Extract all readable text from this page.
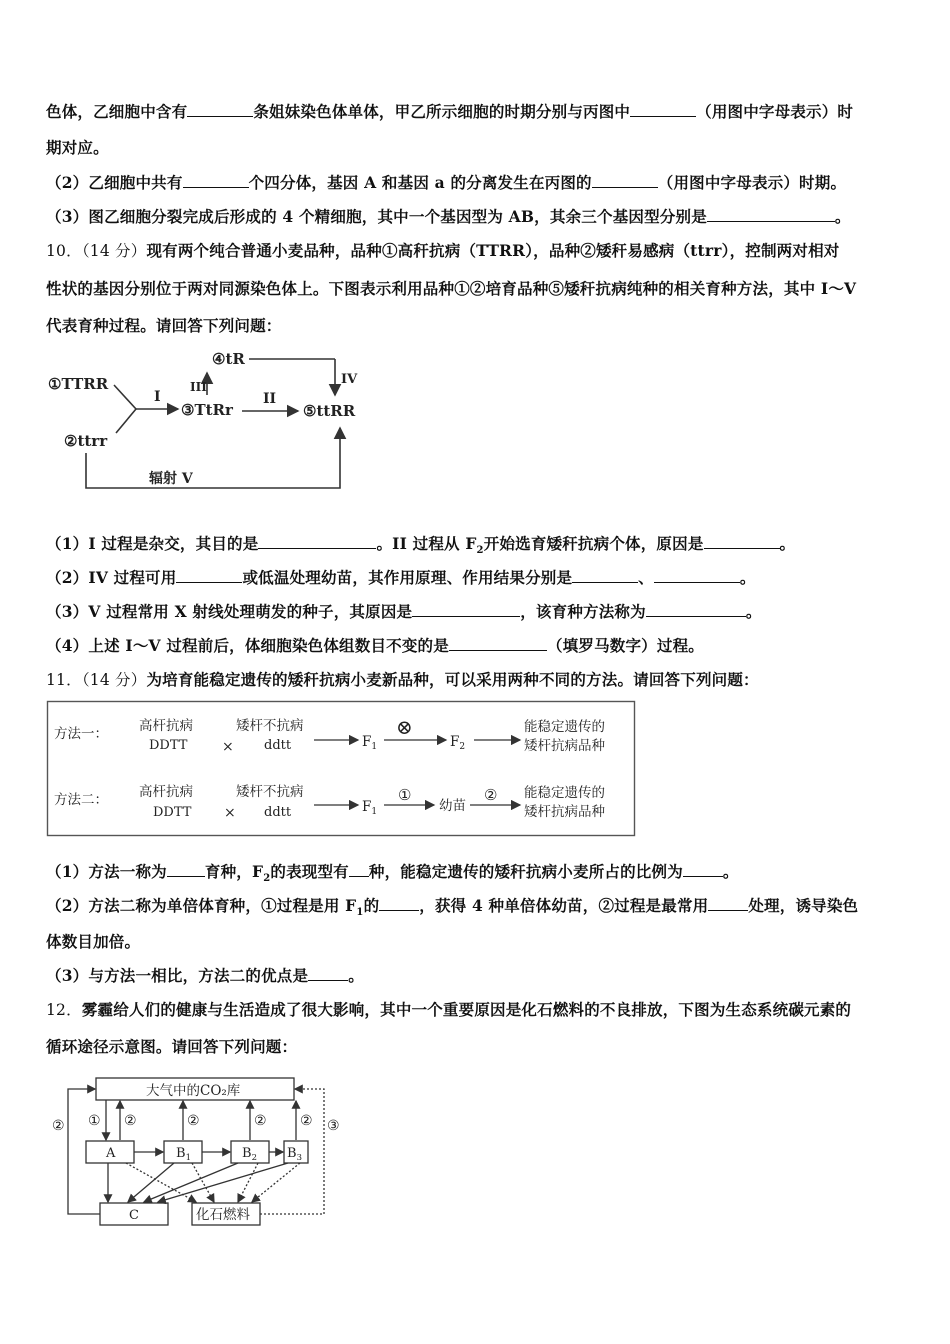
色体，乙细胞中含有	条姐妹染色体单体，甲乙所示细胞的时期分别与丙图中	（用图中字母表示）时
期对应。
（2）乙细胞中共有	个四分体，基因 A 和基因 a 的分离发生在丙图的	（用图中字母表示）时期。
（3）图乙细胞分裂完成后形成的 4 个精细胞，其中一个基因型为 AB，其余三个基因型分别是	。
10．（14 分）现有两个纯合普通小麦品种，品种①高秆抗病（TTRR），品种②矮秆易感病（ttrr），控制两对相对
性状的基因分别位于两对同源染色体上。下图表示利用品种①②培育品种⑤矮秆抗病纯种的相关育种方法，其中 I～V
代表育种过程。请回答下列问题：
①TTRR
②ttrr
I
③TtRr
III
④tR
IV
II
⑤ttRR
辐射 V
（1）I 过程是杂交，其目的是	。II 过程从 $F_2$开始选育矮秆抗病个体，原因是	。
（2）IV 过程可用	或低温处理幼苗，其作用原理、作用结果分别是	、	。
（3）V 过程常用 X 射线处理萌发的种子，其原因是	，该育种方法称为	。
（4）上述 I～V 过程前后，体细胞染色体组数目不变的是	（填罗马数字）过程。
11．（14 分）为培育能稳定遗传的矮秆抗病小麦新品种，可以采用两种不同的方法。请回答下列问题：
方法一： 高杆抗病
DDTT ×
矮杆不抗病
ddtt	$F_1$
⊗
$F_2$
能稳定遗传的
矮杆抗病品种
方法二： 高杆抗病
DDTT ×
矮杆不抗病
ddtt	$F_1$
①
幼苗
② 能稳定遗传的
矮杆抗病品种
（1）方法一称为 育种，$F_2$的表现型有 种，能稳定遗传的矮秆抗病小麦所占的比例为	。
（2）方法二称为单倍体育种，①过程是用 $F_1$的	，获得 4 种单倍体幼苗，②过程是最常用	处理，诱导染色
体数目加倍。
（3）与方法一相比，方法二的优点是	。
12．雾霾给人们的健康与生活造成了很大影响，其中一个重要原因是化石燃料的不良排放，下图为生态系统碳元素的
循环途径示意图。请回答下列问题：
大气中的CO₂库
A	$B_1$	$B_2$ $B_3$
C	化石燃料
① ②	②	② ②
②	③
